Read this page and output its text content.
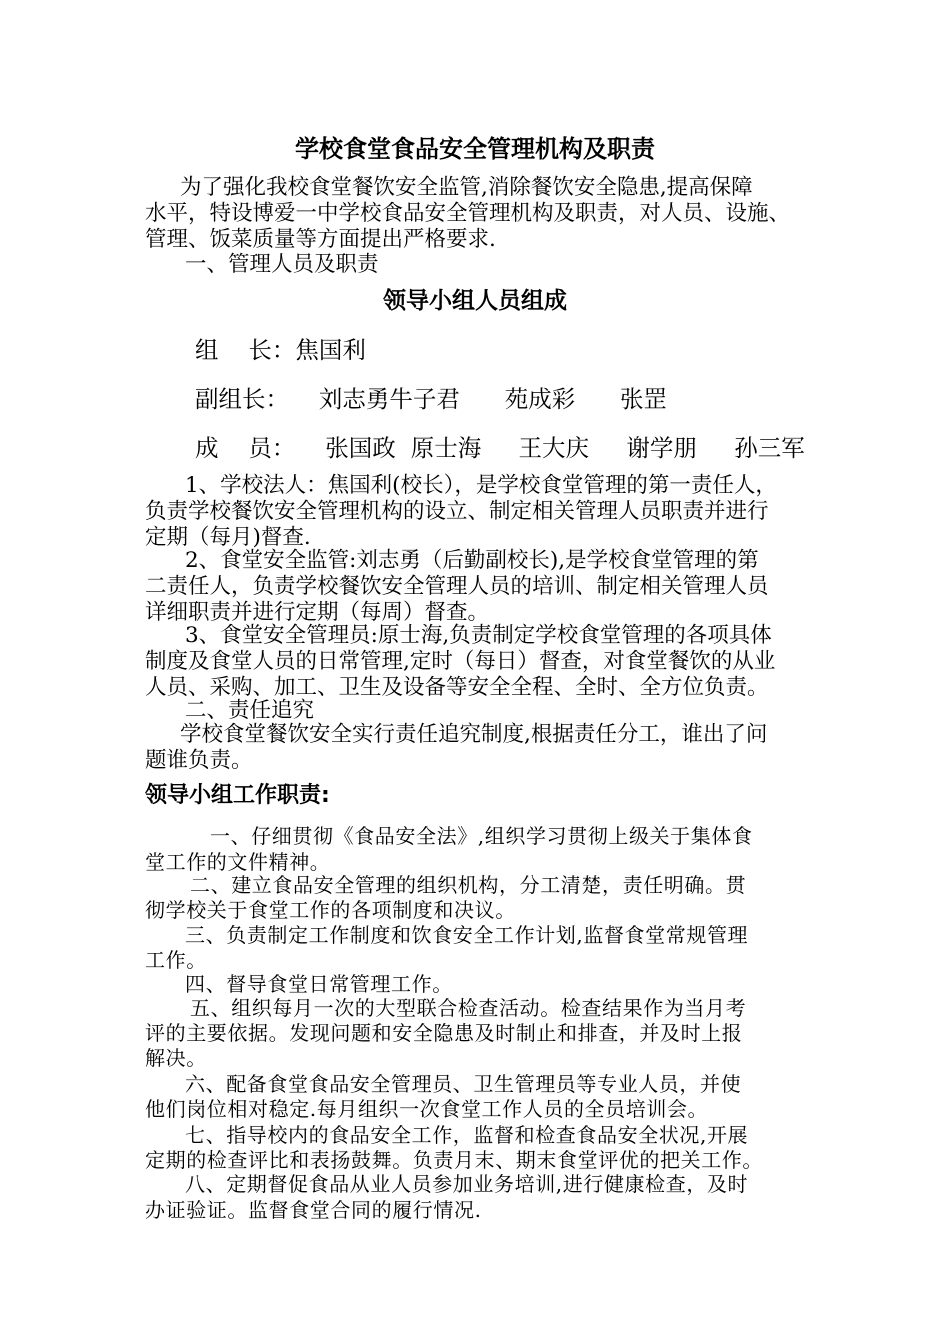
学校食堂食品安全管理机构及职责
为了强化我校食堂餐饮安全监管,消除餐饮安全隐患,提高保障
水平，特设博爱一中学校食品安全管理机构及职责，对人员、设施、
管理、饭菜质量等方面提出严格要求.
一、管理人员及职责
领导小组人员组成
组    长：焦国利
副组长：    刘志勇牛子君      苑成彩      张罡
成    员：    张国政  原士海     王大庆     谢学朋     孙三军
1、学校法人：焦国利(校长），是学校食堂管理的第一责任人，
负责学校餐饮安全管理机构的设立、制定相关管理人员职责并进行
定期（每月)督查.
2、食堂安全监管:刘志勇（后勤副校长),是学校食堂管理的第
二责任人，负责学校餐饮安全管理人员的培训、制定相关管理人员
详细职责并进行定期（每周）督查。
3、食堂安全管理员:原士海,负责制定学校食堂管理的各项具体
制度及食堂人员的日常管理,定时（每日）督查，对食堂餐饮的从业
人员、采购、加工、卫生及设备等安全全程、全时、全方位负责。
二、责任追究
学校食堂餐饮安全实行责任追究制度,根据责任分工，谁出了问
题谁负责。
领导小组工作职责:
一、仔细贯彻《食品安全法》,组织学习贯彻上级关于集体食
堂工作的文件精神。
二、建立食品安全管理的组织机构，分工清楚，责任明确。贯
彻学校关于食堂工作的各项制度和决议。
三、负责制定工作制度和饮食安全工作计划,监督食堂常规管理
工作。
四、督导食堂日常管理工作。
五、组织每月一次的大型联合检查活动。检查结果作为当月考
评的主要依据。发现问题和安全隐患及时制止和排查，并及时上报
解决。
六、配备食堂食品安全管理员、卫生管理员等专业人员，并使
他们岗位相对稳定.每月组织一次食堂工作人员的全员培训会。
七、指导校内的食品安全工作，监督和检查食品安全状况,开展
定期的检查评比和表扬鼓舞。负责月末、期末食堂评优的把关工作。
八、定期督促食品从业人员参加业务培训,进行健康检查，及时
办证验证。监督食堂合同的履行情况.
